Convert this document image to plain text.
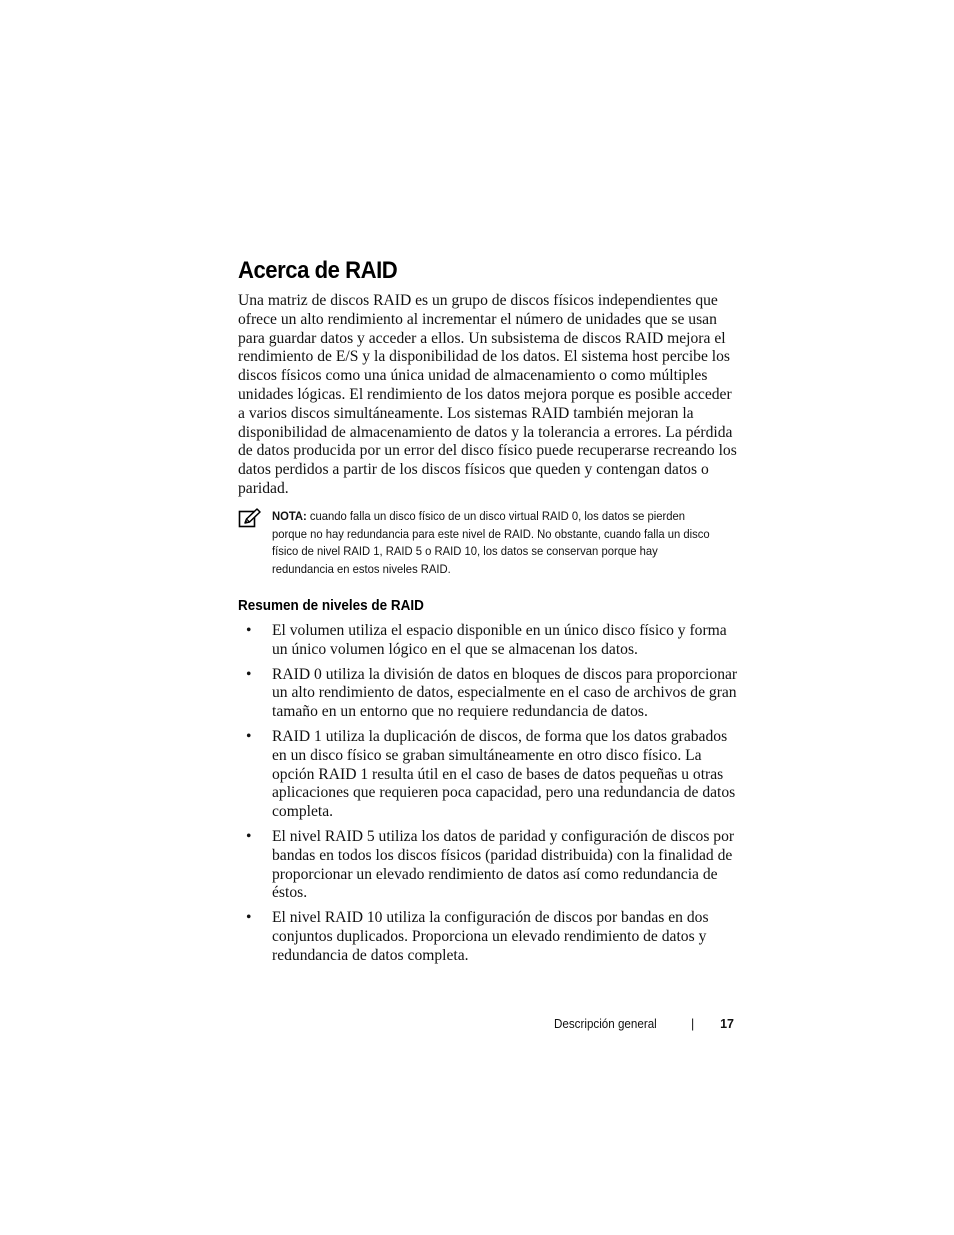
Acerca de RAID

Una matriz de discos RAID es un grupo de discos físicos independientes que ofrece un alto rendimiento al incrementar el número de unidades que se usan para guardar datos y acceder a ellos. Un subsistema de discos RAID mejora el rendimiento de E/S y la disponibilidad de los datos. El sistema host percibe los discos físicos como una única unidad de almacenamiento o como múltiples unidades lógicas. El rendimiento de los datos mejora porque es posible acceder a varios discos simultáneamente. Los sistemas RAID también mejoran la disponibilidad de almacenamiento de datos y la tolerancia a errores. La pérdida de datos producida por un error del disco físico puede recuperarse recreando los datos perdidos a partir de los discos físicos que queden y contengan datos o paridad.

NOTA: cuando falla un disco físico de un disco virtual RAID 0, los datos se pierden porque no hay redundancia para este nivel de RAID. No obstante, cuando falla un disco físico de nivel RAID 1, RAID 5 o RAID 10, los datos se conservan porque hay redundancia en estos niveles RAID.

Resumen de niveles de RAID
• El volumen utiliza el espacio disponible en un único disco físico y forma un único volumen lógico en el que se almacenan los datos.
• RAID 0 utiliza la división de datos en bloques de discos para proporcionar un alto rendimiento de datos, especialmente en el caso de archivos de gran tamaño en un entorno que no requiere redundancia de datos.
• RAID 1 utiliza la duplicación de discos, de forma que los datos grabados en un disco físico se graban simultáneamente en otro disco físico. La opción RAID 1 resulta útil en el caso de bases de datos pequeñas u otras aplicaciones que requieren poca capacidad, pero una redundancia de datos completa.
• El nivel RAID 5 utiliza los datos de paridad y configuración de discos por bandas en todos los discos físicos (paridad distribuida) con la finalidad de proporcionar un elevado rendimiento de datos así como redundancia de éstos.
• El nivel RAID 10 utiliza la configuración de discos por bandas en dos conjuntos duplicados. Proporciona un elevado rendimiento de datos y redundancia de datos completa.
Descripción general	| 17
